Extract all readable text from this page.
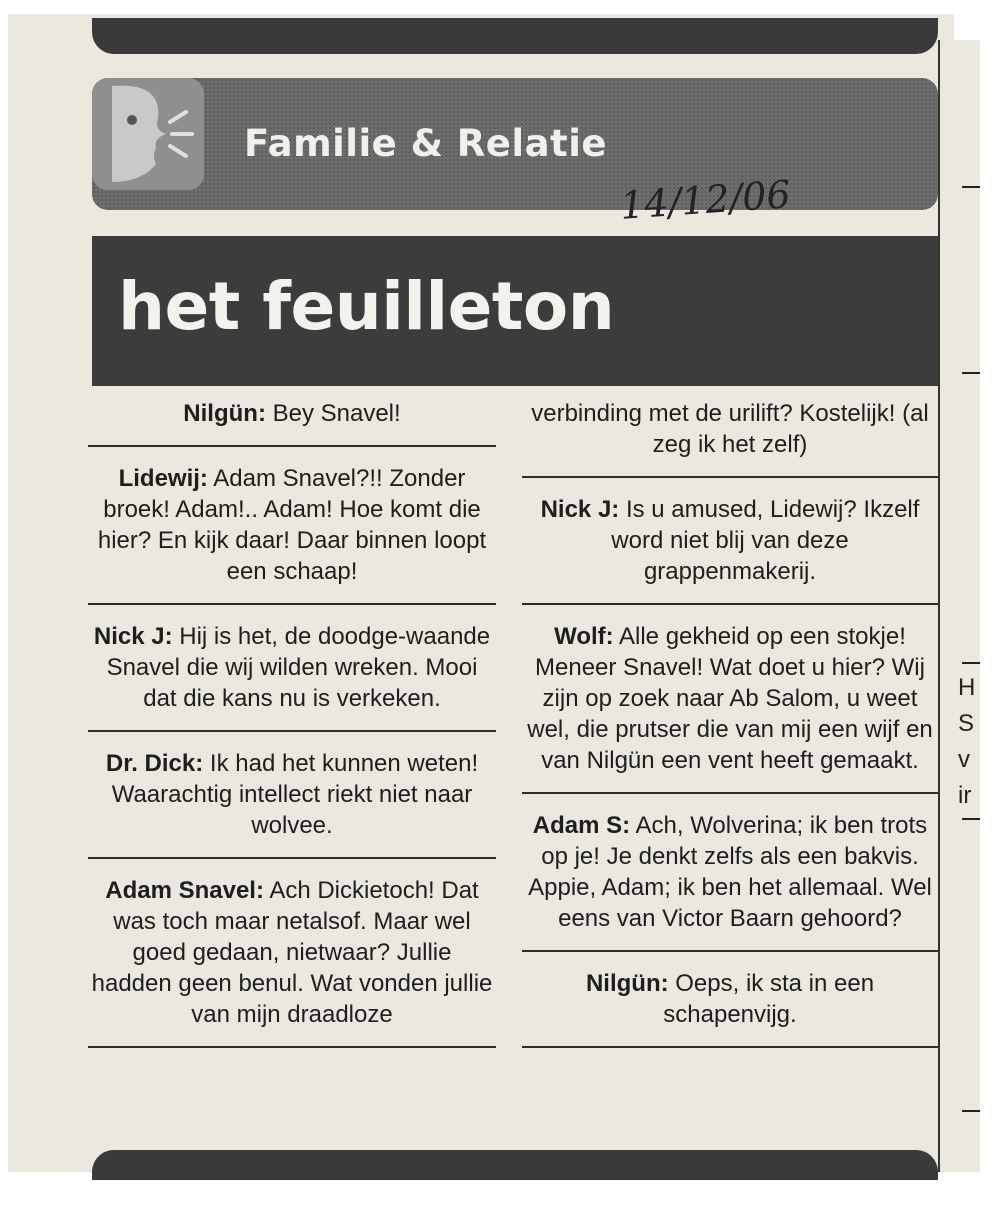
H
S
v
ir
Familie & Relatie
14/12/06
het feuilleton
Nilgün: Bey Snavel!
Lidewij: Adam Snavel?!! Zonder broek! Adam!.. Adam! Hoe komt die hier? En kijk daar! Daar binnen loopt een schaap!
Nick J: Hij is het, de doodge-waande Snavel die wij wilden wreken. Mooi dat die kans nu is verkeken.
Dr. Dick: Ik had het kunnen weten! Waarachtig intellect riekt niet naar wolvee.
Adam Snavel: Ach Dickietoch! Dat was toch maar netalsof. Maar wel goed gedaan, nietwaar? Jullie hadden geen benul. Wat vonden jullie van mijn draadloze
verbinding met de urilift? Kostelijk! (al zeg ik het zelf)
Nick J: Is u amused, Lidewij? Ikzelf word niet blij van deze grappenmakerij.
Wolf: Alle gekheid op een stokje! Meneer Snavel! Wat doet u hier? Wij zijn op zoek naar Ab Salom, u weet wel, die prutser die van mij een wijf en van Nilgün een vent heeft gemaakt.
Adam S: Ach, Wolverina; ik ben trots op je! Je denkt zelfs als een bakvis. Appie, Adam; ik ben het allemaal. Wel eens van Victor Baarn gehoord?
Nilgün: Oeps, ik sta in een schapenvijg.
